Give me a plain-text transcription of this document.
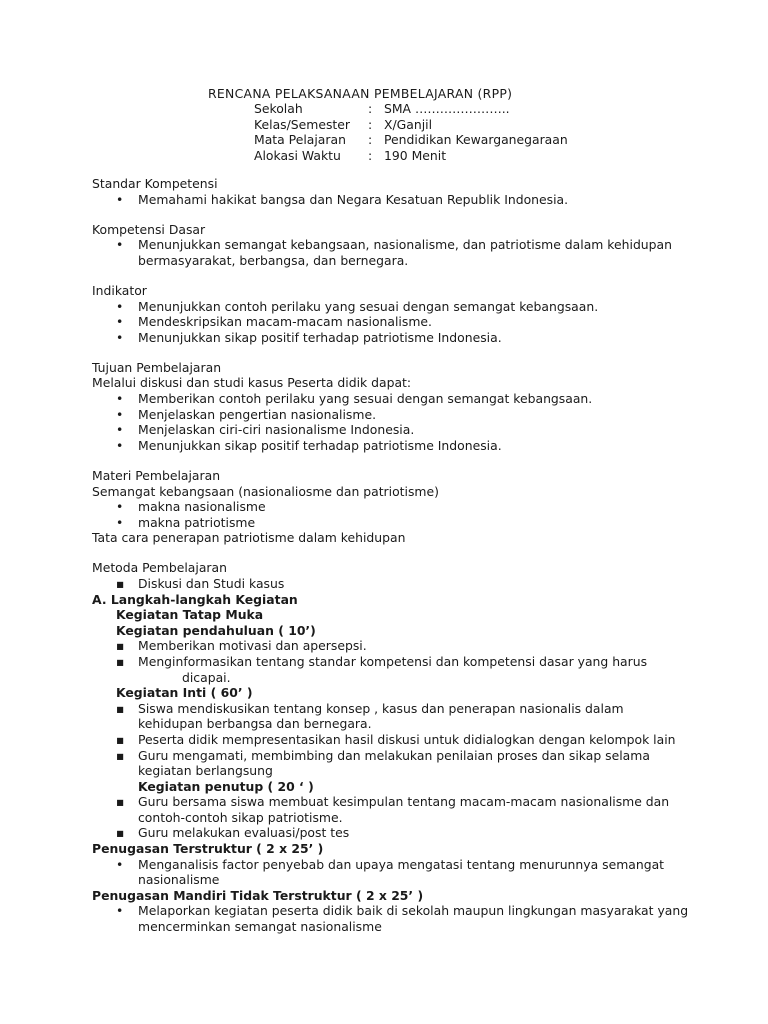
RENCANA PELAKSANAAN PEMBELAJARAN (RPP)
Sekolah	: SMA …………………..
Kelas/Semester	: X/Ganjil
Mata Pelajaran	: Pendidikan Kewarganegaraan
Alokasi Waktu	: 190 Menit
Standar Kompetensi
• Memahami hakikat bangsa dan Negara Kesatuan Republik Indonesia.
Kompetensi Dasar
• Menunjukkan semangat kebangsaan, nasionalisme, dan patriotisme dalam kehidupan bermasyarakat, berbangsa, dan bernegara.
Indikator
• Menunjukkan contoh perilaku yang sesuai dengan semangat kebangsaan.
• Mendeskripsikan macam-macam nasionalisme.
• Menunjukkan sikap positif terhadap patriotisme Indonesia.
Tujuan Pembelajaran
Melalui diskusi dan studi kasus Peserta didik dapat:
• Memberikan contoh perilaku yang sesuai dengan semangat kebangsaan.
• Menjelaskan pengertian nasionalisme.
• Menjelaskan ciri-ciri nasionalisme Indonesia.
• Menunjukkan sikap positif terhadap patriotisme Indonesia.
Materi Pembelajaran
Semangat kebangsaan (nasionaliosme dan patriotisme)
• makna nasionalisme
• makna patriotisme
Tata cara penerapan patriotisme dalam kehidupan
Metoda Pembelajaran
▪ Diskusi dan Studi kasus
A. Langkah-langkah Kegiatan
Kegiatan Tatap Muka
Kegiatan pendahuluan ( 10’)
▪ Memberikan motivasi dan apersepsi.
▪ Menginformasikan tentang standar kompetensi dan kompetensi dasar yang harus
dicapai.
Kegiatan Inti ( 60’ )
▪ Siswa mendiskusikan tentang konsep , kasus dan penerapan nasionalis dalam kehidupan berbangsa dan bernegara.
▪ Peserta didik mempresentasikan hasil diskusi untuk didialogkan dengan kelompok lain
▪ Guru mengamati, membimbing dan melakukan penilaian proses dan sikap selama kegiatan berlangsung
Kegiatan penutup ( 20 ‘ )
▪ Guru bersama siswa membuat kesimpulan tentang macam-macam nasionalisme dan contoh-contoh sikap patriotisme.
▪ Guru melakukan evaluasi/post tes
Penugasan Terstruktur ( 2 x 25’ )
• Menganalisis factor penyebab dan upaya mengatasi tentang menurunnya semangat nasionalisme
Penugasan Mandiri Tidak Terstruktur ( 2 x 25’ )
• Melaporkan kegiatan peserta didik baik di sekolah maupun lingkungan masyarakat yang mencerminkan semangat nasionalisme
